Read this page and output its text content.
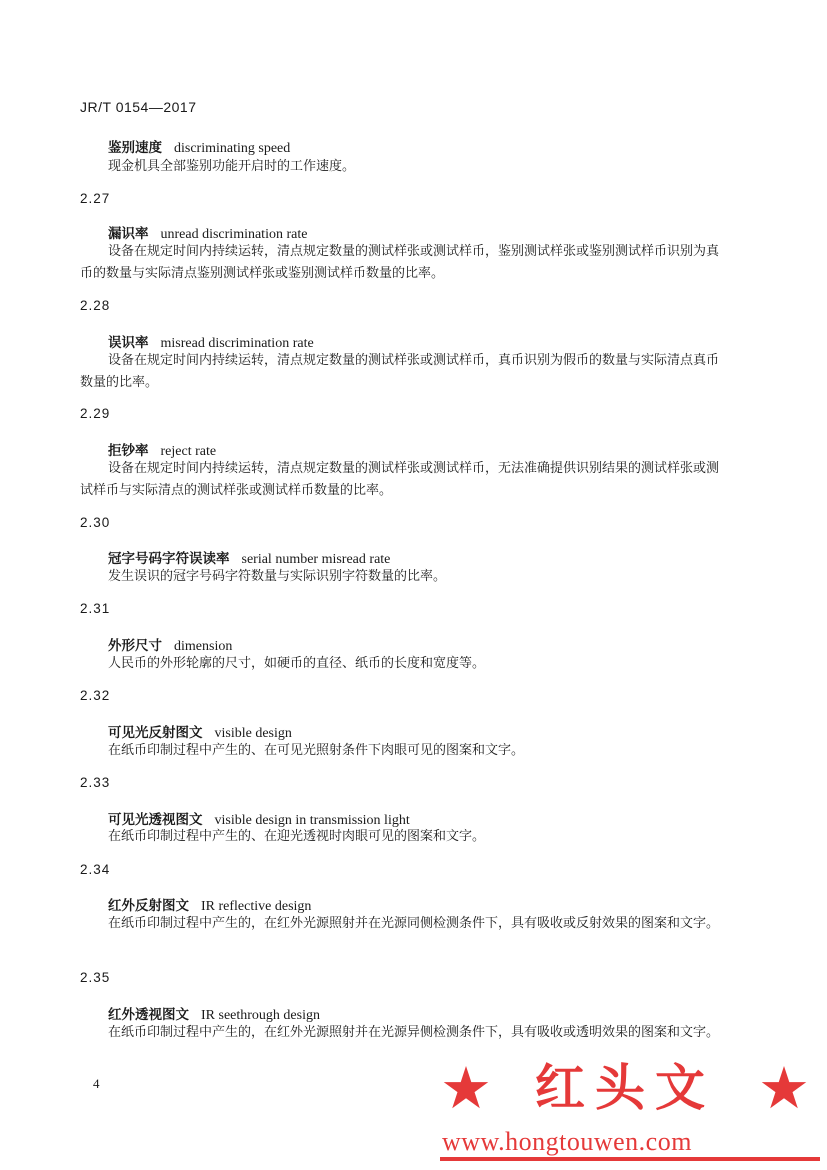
JR/T 0154—2017
鉴别速度 discriminating speed
现金机具全部鉴别功能开启时的工作速度。
2.27
漏识率 unread discrimination rate
设备在规定时间内持续运转，清点规定数量的测试样张或测试样币，鉴别测试样张或鉴别测试样币识别为真币的数量与实际清点鉴别测试样张或鉴别测试样币数量的比率。
2.28
误识率 misread discrimination rate
设备在规定时间内持续运转，清点规定数量的测试样张或测试样币，真币识别为假币的数量与实际清点真币数量的比率。
2.29
拒钞率 reject rate
设备在规定时间内持续运转，清点规定数量的测试样张或测试样币，无法准确提供识别结果的测试样张或测试样币与实际清点的测试样张或测试样币数量的比率。
2.30
冠字号码字符误读率 serial number misread rate
发生误识的冠字号码字符数量与实际识别字符数量的比率。
2.31
外形尺寸 dimension
人民币的外形轮廓的尺寸，如硬币的直径、纸币的长度和宽度等。
2.32
可见光反射图文 visible design
在纸币印制过程中产生的、在可见光照射条件下肉眼可见的图案和文字。
2.33
可见光透视图文 visible design in transmission light
在纸币印制过程中产生的、在迎光透视时肉眼可见的图案和文字。
2.34
红外反射图文 IR reflective design
在纸币印制过程中产生的，在红外光源照射并在光源同侧检测条件下，具有吸收或反射效果的图案和文字。
2.35
红外透视图文 IR seethrough design
在纸币印制过程中产生的，在红外光源照射并在光源异侧检测条件下，具有吸收或透明效果的图案和文字。
4	★ 红头文 ★
www.hongtouwen.com
